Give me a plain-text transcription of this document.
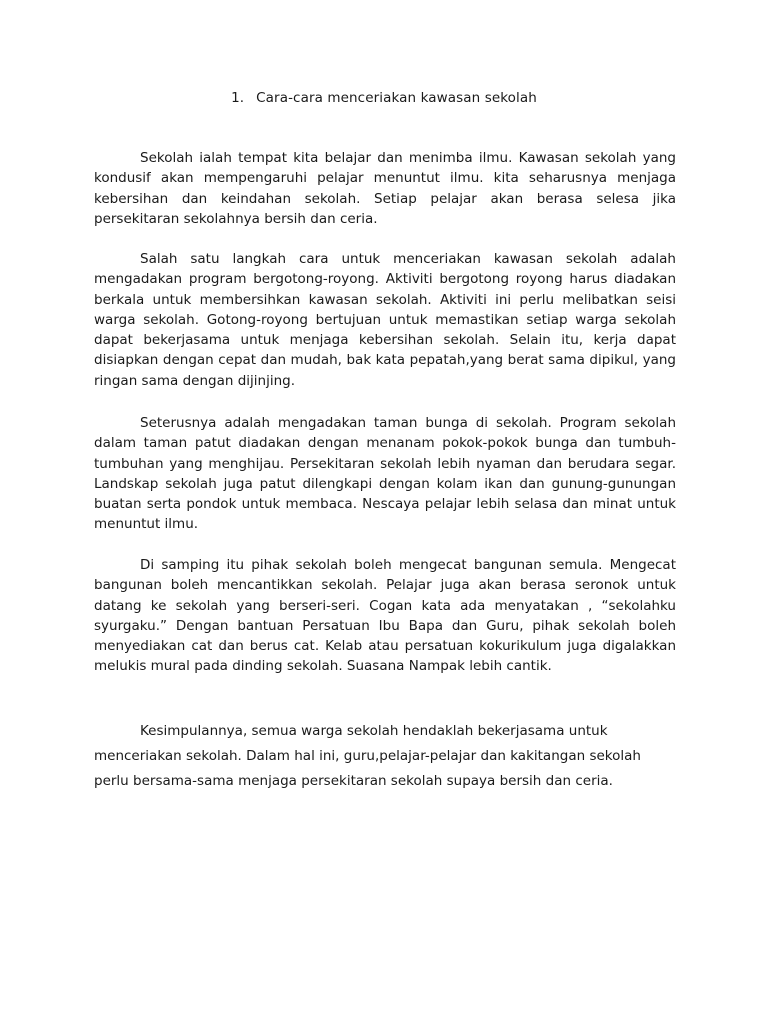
1. Cara-cara menceriakan kawasan sekolah

Sekolah ialah tempat kita belajar dan menimba ilmu. Kawasan sekolah yang kondusif akan mempengaruhi pelajar menuntut ilmu. kita seharusnya menjaga kebersihan dan keindahan sekolah. Setiap pelajar akan berasa selesa jika persekitaran sekolahnya bersih dan ceria.

Salah satu langkah cara untuk menceriakan kawasan sekolah adalah mengadakan program bergotong-royong. Aktiviti bergotong royong harus diadakan berkala untuk membersihkan kawasan sekolah. Aktiviti ini perlu melibatkan seisi warga sekolah. Gotong-royong bertujuan untuk memastikan setiap warga sekolah dapat bekerjasama untuk menjaga kebersihan sekolah. Selain itu, kerja dapat disiapkan dengan cepat dan mudah, bak kata pepatah,yang berat sama dipikul, yang ringan sama dengan dijinjing.

Seterusnya adalah mengadakan taman bunga di sekolah. Program sekolah dalam taman patut diadakan dengan menanam pokok-pokok bunga dan tumbuh-tumbuhan yang menghijau. Persekitaran sekolah lebih nyaman dan berudara segar. Landskap sekolah juga patut dilengkapi dengan kolam ikan dan gunung-gunungan buatan serta pondok untuk membaca. Nescaya pelajar lebih selasa dan minat untuk menuntut ilmu.

Di samping itu pihak sekolah boleh mengecat bangunan semula. Mengecat bangunan boleh mencantikkan sekolah. Pelajar juga akan berasa seronok untuk datang ke sekolah yang berseri-seri. Cogan kata ada menyatakan , “sekolahku syurgaku.” Dengan bantuan Persatuan Ibu Bapa dan Guru, pihak sekolah boleh menyediakan cat dan berus cat. Kelab atau persatuan kokurikulum juga digalakkan melukis mural pada dinding sekolah. Suasana Nampak lebih cantik.

Kesimpulannya, semua warga sekolah hendaklah bekerjasama untuk menceriakan sekolah. Dalam hal ini, guru,pelajar-pelajar dan kakitangan sekolah perlu bersama-sama menjaga persekitaran sekolah supaya bersih dan ceria.
